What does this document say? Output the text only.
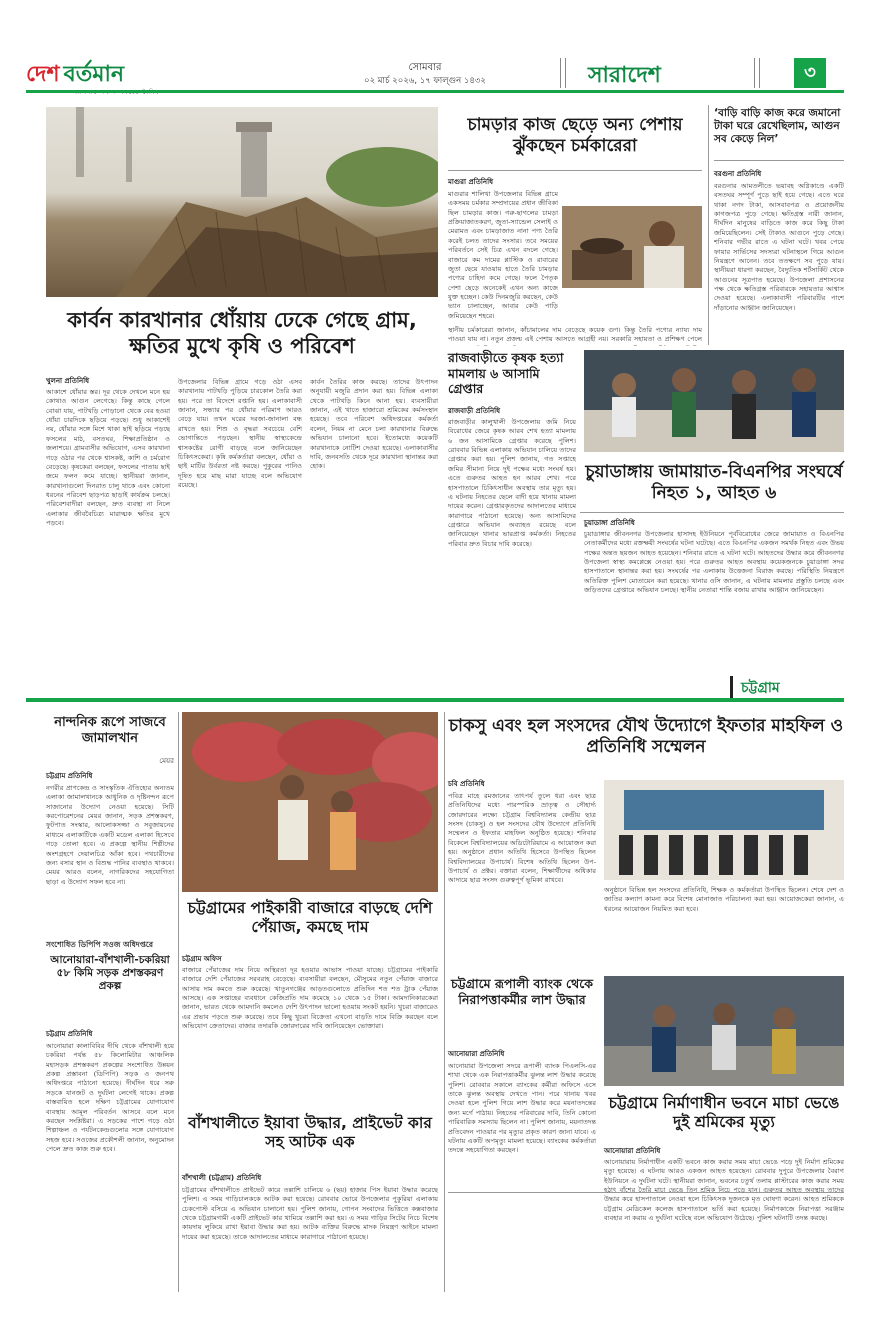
দেশ বর্তমান	সোমবার
০২ মার্চ ২০২৬, ১৭ ফাল্গুন ১৪৩২	সারাদেশ	৩
কার্বন কারখানার ধোঁয়ায় ঢেকে গেছে গ্রাম, ক্ষতির মুখে কৃষি ও পরিবেশ
খুলনা প্রতিনিধি
আকাশে ধোঁয়ার স্তর। দূর থেকে দেখলে মনে হয় কোথাও আগুন লেগেছে। কিন্তু কাছে গেলে বোঝা যায়, পাটখড়ি পোড়ানো থেকে বের হওয়া ধোঁয়া চারদিকে ছড়িয়ে পড়ছে। শুধু আকাশেই নয়, ধোঁয়ার সঙ্গে মিশে থাকা ছাই ছড়িয়ে পড়ছে ফসলের মাঠ, বসতঘর, শিক্ষাপ্রতিষ্ঠান ও জলাশয়ে। গ্রামবাসীর অভিযোগ, এসব কারখানা গড়ে ওঠার পর থেকে শ্বাসকষ্ট, কাশি ও চর্মরোগ বেড়েছে। কৃষকেরা বলছেন, ফসলের পাতায় ছাই জমে ফলন কমে যাচ্ছে। স্থানীয়রা জানান, কারখানাগুলো দিনরাত চালু থাকে এবং কোনো ধরনের পরিবেশ ছাড়পত্র ছাড়াই কার্যক্রম চলছে। পরিবেশবাদীরা বলছেন, দ্রুত ব্যবস্থা না নিলে এলাকার জীববৈচিত্র্য মারাত্মক ক্ষতির মুখে পড়বে।
উপজেলার বিভিন্ন গ্রামে গড়ে ওঠা এসব কারখানায় পাটখড়ি পুড়িয়ে চারকোল তৈরি করা হয়। পরে তা বিদেশে রপ্তানি হয়। এলাকাবাসী জানান, সন্ধ্যার পর ধোঁয়ার পরিমাণ আরও বেড়ে যায়। তখন ঘরের দরজা-জানালা বন্ধ রাখতে হয়। শিশু ও বৃদ্ধরা সবচেয়ে বেশি ভোগান্তিতে পড়ছেন। স্থানীয় স্বাস্থ্যকেন্দ্রে শ্বাসকষ্টের রোগী বাড়ছে বলে জানিয়েছেন চিকিৎসকেরা। কৃষি কর্মকর্তারা বলছেন, ধোঁয়া ও ছাই মাটির উর্বরতা নষ্ট করছে। পুকুরের পানিও দূষিত হয়ে মাছ মারা যাচ্ছে বলে অভিযোগ রয়েছে।
কার্বন তৈরির কাজ করছে। তাদের উৎপাদন অনুযায়ী মজুরি প্রদান করা হয়। বিভিন্ন এলাকা থেকে পাটখড়ি কিনে আনা হয়। ব্যবসায়ীরা জানান, এই খাতে হাজারো শ্রমিকের কর্মসংস্থান হয়েছে। তবে পরিবেশ অধিদপ্তরের কর্মকর্তা বলেন, নিয়ম না মেনে চলা কারখানার বিরুদ্ধে অভিযান চালানো হবে। ইতোমধ্যে কয়েকটি কারখানাকে নোটিশ দেওয়া হয়েছে। এলাকাবাসীর দাবি, জনবসতি থেকে দূরে কারখানা স্থানান্তর করা হোক।
চামড়ার কাজ ছেড়ে অন্য পেশায় ঝুঁকছেন চর্মকারেরা
মাগুরা প্রতিনিধি
মাগুরার শালিখা উপজেলার বিভিন্ন গ্রামে একসময় চর্মকার সম্প্রদায়ের প্রধান জীবিকা ছিল চামড়ার কাজ। গরু-ছাগলের চামড়া প্রক্রিয়াজাতকরণ, জুতা-স্যান্ডেল সেলাই ও মেরামত এবং চামড়াজাত নানা পণ্য তৈরি করেই চলত তাদের সংসার। তবে সময়ের পরিবর্তনে সেই চিত্র এখন বদলে গেছে। বাজারে কম দামের প্লাস্টিক ও রাবারের জুতা ছেয়ে যাওয়ায় হাতে তৈরি চামড়ার পণ্যের চাহিদা কমে গেছে। ফলে পৈতৃক পেশা ছেড়ে অনেকেই এখন অন্য কাজে যুক্ত হচ্ছেন। কেউ দিনমজুরি করছেন, কেউ ভ্যান চালাচ্ছেন, আবার কেউ পাড়ি জমিয়েছেন শহরে।
স্থানীয় চর্মকারেরা জানান, কাঁচামালের দাম বেড়েছে কয়েক গুণ। কিন্তু তৈরি পণ্যের ন্যায্য দাম পাওয়া যায় না। নতুন প্রজন্ম এই পেশায় আসতে আগ্রহী নয়। সরকারি সহায়তা ও প্রশিক্ষণ পেলে
‘বাড়ি বাড়ি কাজ করে জমানো টাকা ঘরে রেখেছিলাম, আগুন সব কেড়ে নিল’
বরগুনা প্রতিনিধি
বরগুনার আমতলীতে ভয়াবহ অগ্নিকাণ্ডে একটি বসতঘর সম্পূর্ণ পুড়ে ছাই হয়ে গেছে। এতে ঘরে থাকা নগদ টাকা, আসবাবপত্র ও প্রয়োজনীয় কাগজপত্র পুড়ে গেছে। ক্ষতিগ্রস্ত নারী জানান, দীর্ঘদিন মানুষের বাড়িতে কাজ করে কিছু টাকা জমিয়েছিলেন। সেই টাকাও আগুনে পুড়ে গেছে। শনিবার গভীর রাতে এ ঘটনা ঘটে। খবর পেয়ে ফায়ার সার্ভিসের সদস্যরা ঘটনাস্থলে গিয়ে আগুন নিয়ন্ত্রণে আনেন। তবে ততক্ষণে সব পুড়ে যায়। স্থানীয়রা ধারণা করছেন, বৈদ্যুতিক শর্টসার্কিট থেকে আগুনের সূত্রপাত হয়েছে। উপজেলা প্রশাসনের পক্ষ থেকে ক্ষতিগ্রস্ত পরিবারকে সহায়তার আশ্বাস দেওয়া হয়েছে। এলাকাবাসী পরিবারটির পাশে দাঁড়ানোর আহ্বান জানিয়েছেন।
রাজবাড়ীতে কৃষক হত্যা মামলায় ৬ আসামি গ্রেপ্তার
রাজবাড়ী প্রতিনিধি
রাজবাড়ীর কালুখালী উপজেলায় জমি নিয়ে বিরোধের জেরে কৃষক আরব শেখ হত্যা মামলায় ৬ জন আসামিকে গ্রেপ্তার করেছে পুলিশ। রোববার বিভিন্ন এলাকায় অভিযান চালিয়ে তাদের গ্রেপ্তার করা হয়। পুলিশ জানায়, গত সপ্তাহে জমির সীমানা নিয়ে দুই পক্ষের মধ্যে সংঘর্ষ হয়। এতে গুরুতর আহত হন আরব শেখ। পরে হাসপাতালে চিকিৎসাধীন অবস্থায় তার মৃত্যু হয়। এ ঘটনায় নিহতের ছেলে বাদী হয়ে থানায় মামলা দায়ের করেন। গ্রেপ্তারকৃতদের আদালতের মাধ্যমে কারাগারে পাঠানো হয়েছে। অন্য আসামিদের গ্রেপ্তারে অভিযান অব্যাহত রয়েছে বলে জানিয়েছেন থানার ভারপ্রাপ্ত কর্মকর্তা। নিহতের পরিবার দ্রুত বিচার দাবি করেছে।
চুয়াডাঙ্গায় জামায়াত-বিএনপির সংঘর্ষে নিহত ১, আহত ৬
চুয়াডাঙ্গা প্রতিনিধি
চুয়াডাঙ্গার জীবননগর উপজেলার হাসাদহ ইউনিয়নে পূর্ববিরোধের জেরে জামায়াত ও বিএনপির নেতাকর্মীদের মধ্যে রক্তক্ষয়ী সংঘর্ষের ঘটনা ঘটেছে। এতে বিএনপির একজন সমর্থক নিহত এবং উভয় পক্ষের অন্তত ছয়জন আহত হয়েছেন। শনিবার রাতে এ ঘটনা ঘটে। আহতদের উদ্ধার করে জীবননগর উপজেলা স্বাস্থ্য কমপ্লেক্সে নেওয়া হয়। পরে গুরুতর আহত অবস্থায় কয়েকজনকে চুয়াডাঙ্গা সদর হাসপাতালে স্থানান্তর করা হয়। সংঘর্ষের পর এলাকায় উত্তেজনা বিরাজ করছে। পরিস্থিতি নিয়ন্ত্রণে অতিরিক্ত পুলিশ মোতায়েন করা হয়েছে। থানার ওসি জানান, এ ঘটনায় মামলার প্রস্তুতি চলছে এবং জড়িতদের গ্রেপ্তারে অভিযান চলছে। স্থানীয় নেতারা শান্তি বজায় রাখার আহ্বান জানিয়েছেন।
চট্টগ্রাম
নান্দনিক রূপে সাজবে জামালখান
মেয়র
চট্টগ্রাম প্রতিনিধি
নগরীর প্রাণকেন্দ্র ও সাংস্কৃতিক ঐতিহ্যের অন্যতম এলাকা জামালখানকে আধুনিক ও দৃষ্টিনন্দন রূপে সাজানোর উদ্যোগ নেওয়া হয়েছে। সিটি করপোরেশনের মেয়র জানান, সড়ক প্রশস্তকরণ, ফুটপাত সংস্কার, আলোকসজ্জা ও সবুজায়নের মাধ্যমে এলাকাটিকে একটি মডেল এলাকা হিসেবে গড়ে তোলা হবে। এ প্রকল্পে স্থানীয় শিল্পীদের অংশগ্রহণে দেয়ালচিত্র আঁকা হবে। পথচারীদের জন্য বসার স্থান ও বিশুদ্ধ পানির ব্যবস্থাও থাকবে। মেয়র আরও বলেন, নাগরিকদের সহযোগিতা ছাড়া এ উদ্যোগ সফল হবে না।
সংশোধিত ডিপিপি সওজ অধিদপ্তরে
আনোয়ারা-বাঁশখালী-চকরিয়া ৫৮ কিমি সড়ক প্রশস্তকরণ প্রকল্প
চট্টগ্রাম প্রতিনিধি
আনোয়ারা কালাবিবির দীঘি থেকে বাঁশখালী হয়ে চকরিয়া পর্যন্ত ৫৮ কিলোমিটার আঞ্চলিক মহাসড়ক প্রশস্তকরণ প্রকল্পের সংশোধিত উন্নয়ন প্রকল্প প্রস্তাবনা (ডিপিপি) সড়ক ও জনপথ অধিদপ্তরে পাঠানো হয়েছে। দীর্ঘদিন ধরে সরু সড়কে যানজট ও দুর্ঘটনা লেগেই থাকে। প্রকল্প বাস্তবায়িত হলে দক্ষিণ চট্টগ্রামের যোগাযোগ ব্যবস্থায় আমূল পরিবর্তন আসবে বলে মনে করছেন সংশ্লিষ্টরা। এ সড়কের পাশে গড়ে ওঠা শিল্পাঞ্চল ও পর্যটনকেন্দ্রগুলোর সঙ্গে যোগাযোগ সহজ হবে। সওজের প্রকৌশলী জানান, অনুমোদন পেলে দ্রুত কাজ শুরু হবে।
চট্টগ্রামের পাইকারী বাজারে বাড়ছে দেশি পেঁয়াজ, কমছে দাম
চট্টগ্রাম অফিস
বাজারে পেঁয়াজের দাম নিয়ে অস্থিরতা দূর হওয়ার আভাস পাওয়া যাচ্ছে। চট্টগ্রামের পাইকারি বাজারে দেশি পেঁয়াজের সরবরাহ বেড়েছে। ব্যবসায়ীরা বলছেন, মৌসুমের নতুন পেঁয়াজ বাজারে আসায় দাম কমতে শুরু করেছে। খাতুনগঞ্জের আড়তগুলোতে প্রতিদিন শত শত ট্রাক পেঁয়াজ আসছে। এক সপ্তাহের ব্যবধানে কেজিপ্রতি দাম কমেছে ১০ থেকে ১৫ টাকা। আমদানিকারকেরা জানান, ভারত থেকে আমদানি কমলেও দেশি উৎপাদন ভালো হওয়ায় সংকট হয়নি। খুচরা বাজারেও এর প্রভাব পড়তে শুরু করেছে। তবে কিছু খুচরা বিক্রেতা এখনো বাড়তি দামে বিক্রি করছেন বলে অভিযোগ ক্রেতাদের। বাজার তদারকি জোরদারের দাবি জানিয়েছেন ভোক্তারা।
বাঁশখালীতে ইয়াবা উদ্ধার, প্রাইভেট কার সহ আটক এক
বাঁশখালী (চট্টগ্রাম) প্রতিনিধি
চট্টগ্রামের বাঁশখালীতে প্রাইভেট কারে তল্লাশি চালিয়ে ৬ (ছয়) হাজার পিস ইয়াবা উদ্ধার করেছে পুলিশ। এ সময় গাড়িচালককে আটক করা হয়েছে। রোববার ভোরে উপজেলার পুকুরিয়া এলাকায় চেকপোস্ট বসিয়ে এ অভিযান চালানো হয়। পুলিশ জানায়, গোপন সংবাদের ভিত্তিতে কক্সবাজার থেকে চট্টগ্রামগামী একটি প্রাইভেট কার থামিয়ে তল্লাশি করা হয়। এ সময় গাড়ির সিটের নিচে বিশেষ কায়দায় লুকিয়ে রাখা ইয়াবা উদ্ধার করা হয়। আটক ব্যক্তির বিরুদ্ধে মাদক নিয়ন্ত্রণ আইনে মামলা দায়ের করা হয়েছে। তাকে আদালতের মাধ্যমে কারাগারে পাঠানো হয়েছে।
চাকসু এবং হল সংসদের যৌথ উদ্যোগে ইফতার মাহফিল ও প্রতিনিধি সম্মেলন
চবি প্রতিনিধি
পবিত্র মাহে রমজানের তাৎপর্য তুলে ধরা এবং ছাত্র প্রতিনিধিদের মধ্যে পারস্পরিক ভ্রাতৃত্ব ও সৌহার্দ্য জোরদারের লক্ষ্যে চট্টগ্রাম বিশ্ববিদ্যালয় কেন্দ্রীয় ছাত্র সংসদ (চাকসু) ও হল সংসদের যৌথ উদ্যোগে প্রতিনিধি সম্মেলন ও ইফতার মাহফিল অনুষ্ঠিত হয়েছে। শনিবার বিকেলে বিশ্ববিদ্যালয়ের অডিটোরিয়ামে এ আয়োজন করা হয়। অনুষ্ঠানে প্রধান অতিথি হিসেবে উপস্থিত ছিলেন বিশ্ববিদ্যালয়ের উপাচার্য। বিশেষ অতিথি ছিলেন উপ-উপাচার্য ও প্রক্টর। বক্তারা বলেন, শিক্ষার্থীদের অধিকার আদায়ে ছাত্র সংসদ গুরুত্বপূর্ণ ভূমিকা রাখবে।
অনুষ্ঠানে বিভিন্ন হল সংসদের প্রতিনিধি, শিক্ষক ও কর্মকর্তারা উপস্থিত ছিলেন। শেষে দেশ ও জাতির কল্যাণ কামনা করে বিশেষ মোনাজাত পরিচালনা করা হয়। আয়োজকেরা জানান, এ ধরনের আয়োজন নিয়মিত করা হবে।
চট্টগ্রামে রূপালী ব্যাংক থেকে নিরাপত্তাকর্মীর লাশ উদ্ধার
আনোয়ারা প্রতিনিধি
আনোয়ারা উপজেলা সদরে রূপালী ব্যাংক পিএলসি-এর শাখা থেকে এক নিরাপত্তাকর্মীর ঝুলন্ত লাশ উদ্ধার করেছে পুলিশ। রোববার সকালে ব্যাংকের কর্মীরা অফিসে এসে তাকে ঝুলন্ত অবস্থায় দেখতে পান। পরে থানায় খবর দেওয়া হলে পুলিশ গিয়ে লাশ উদ্ধার করে ময়নাতদন্তের জন্য মর্গে পাঠায়। নিহতের পরিবারের দাবি, তিনি কোনো পারিবারিক সমস্যায় ছিলেন না। পুলিশ জানায়, ময়নাতদন্ত প্রতিবেদন পাওয়ার পর মৃত্যুর প্রকৃত কারণ জানা যাবে। এ ঘটনায় একটি অপমৃত্যু মামলা হয়েছে। ব্যাংকের কর্মকর্তারা তদন্তে সহযোগিতা করছেন।
চট্টগ্রামে নির্মাণাধীন ভবনে মাচা ভেঙে দুই শ্রমিকের মৃত্যু
আনোয়ারা প্রতিনিধি
আনোয়ারায় নির্মাণাধীন একটি ভবনে কাজ করার সময় মাচা ভেঙে পড়ে দুই নির্মাণ শ্রমিকের মৃত্যু হয়েছে। এ ঘটনায় আরও একজন আহত হয়েছেন। রোববার দুপুরে উপজেলার বৈরাগ ইউনিয়নে এ দুর্ঘটনা ঘটে। স্থানীয়রা জানান, ভবনের চতুর্থ তলায় প্লাস্টারের কাজ করার সময় হঠাৎ বাঁশের তৈরি মাচা ভেঙে তিন শ্রমিক নিচে পড়ে যান। গুরুতর আহত অবস্থায় তাদের উদ্ধার করে হাসপাতালে নেওয়া হলে চিকিৎসক দুজনকে মৃত ঘোষণা করেন। আহত শ্রমিককে চট্টগ্রাম মেডিকেল কলেজ হাসপাতালে ভর্তি করা হয়েছে। নির্মাণকাজে নিরাপত্তা সরঞ্জাম ব্যবহার না করায় এ দুর্ঘটনা ঘটেছে বলে অভিযোগ উঠেছে। পুলিশ ঘটনাটি তদন্ত করছে।
